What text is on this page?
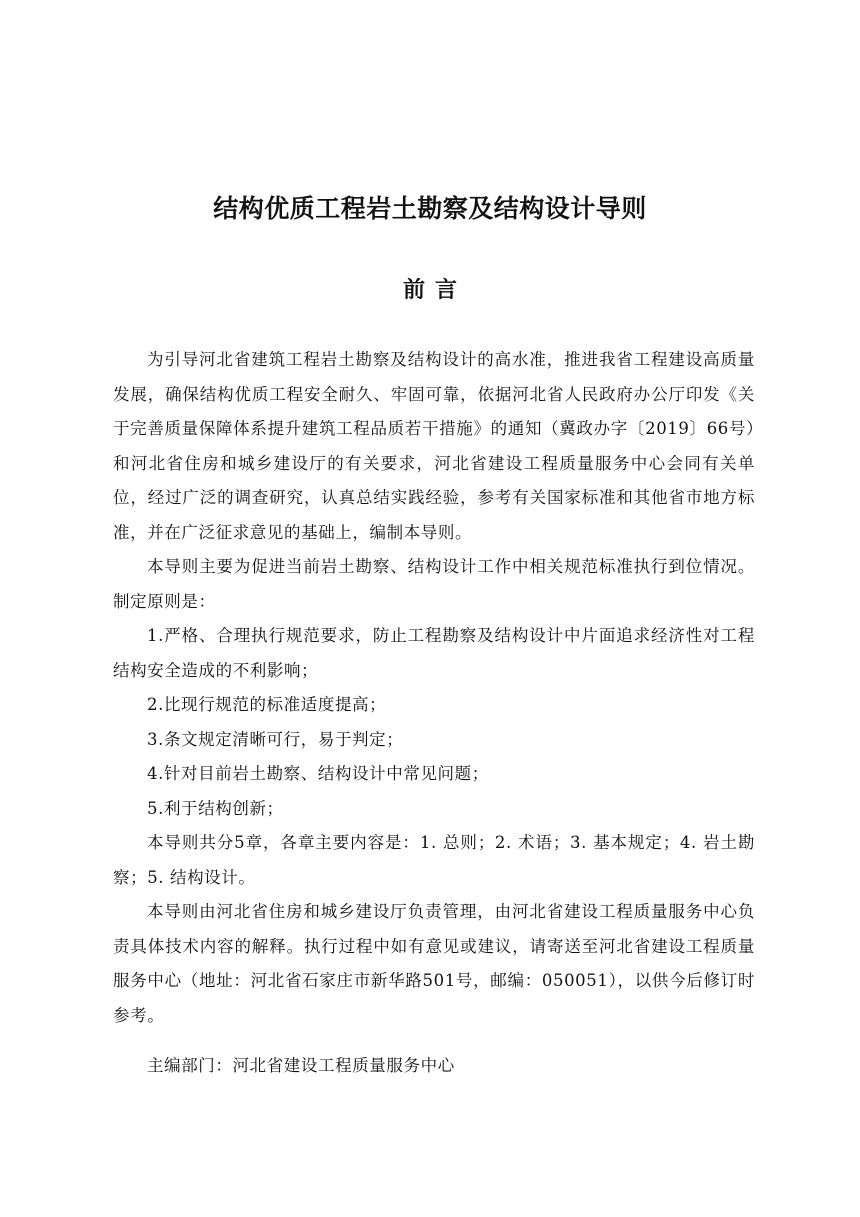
结构优质工程岩土勘察及结构设计导则
前言

为引导河北省建筑工程岩土勘察及结构设计的高水准，推进我省工程建设高质量发展，确保结构优质工程安全耐久、牢固可靠，依据河北省人民政府办公厅印发《关于完善质量保障体系提升建筑工程品质若干措施》的通知（冀政办字〔2019〕66号）和河北省住房和城乡建设厅的有关要求，河北省建设工程质量服务中心会同有关单位，经过广泛的调查研究，认真总结实践经验，参考有关国家标准和其他省市地方标准，并在广泛征求意见的基础上，编制本导则。

本导则主要为促进当前岩土勘察、结构设计工作中相关规范标准执行到位情况。制定原则是：

1.严格、合理执行规范要求，防止工程勘察及结构设计中片面追求经济性对工程结构安全造成的不利影响；

2.比现行规范的标准适度提高；

3.条文规定清晰可行，易于判定；

4.针对目前岩土勘察、结构设计中常见问题；

5.利于结构创新；

本导则共分5章，各章主要内容是：1. 总则；2. 术语；3. 基本规定；4. 岩土勘察；5. 结构设计。

本导则由河北省住房和城乡建设厅负责管理，由河北省建设工程质量服务中心负责具体技术内容的解释。执行过程中如有意见或建议，请寄送至河北省建设工程质量服务中心（地址：河北省石家庄市新华路501号，邮编：050051），以供今后修订时参考。

主编部门：河北省建设工程质量服务中心
